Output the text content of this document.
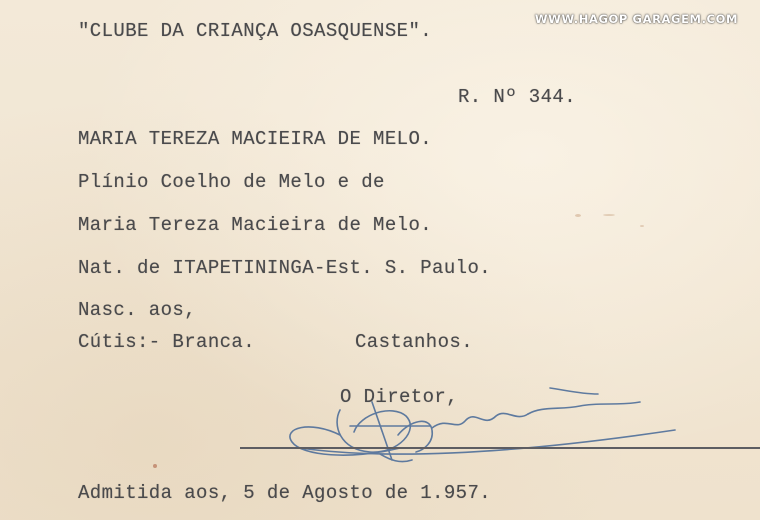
WWW.HAGOP GARAGEM.COM
"CLUBE DA CRIANÇA OSASQUENSE".
R. Nº 344.
MARIA TEREZA MACIEIRA DE MELO.
Plínio Coelho de Melo e de
Maria Tereza Macieira de Melo.
Nat. de ITAPETININGA-Est. S. Paulo.
Nasc. aos,
Cútis:- Branca.	Castanhos.
O Diretor,
Admitida aos, 5 de Agosto de 1.957.
